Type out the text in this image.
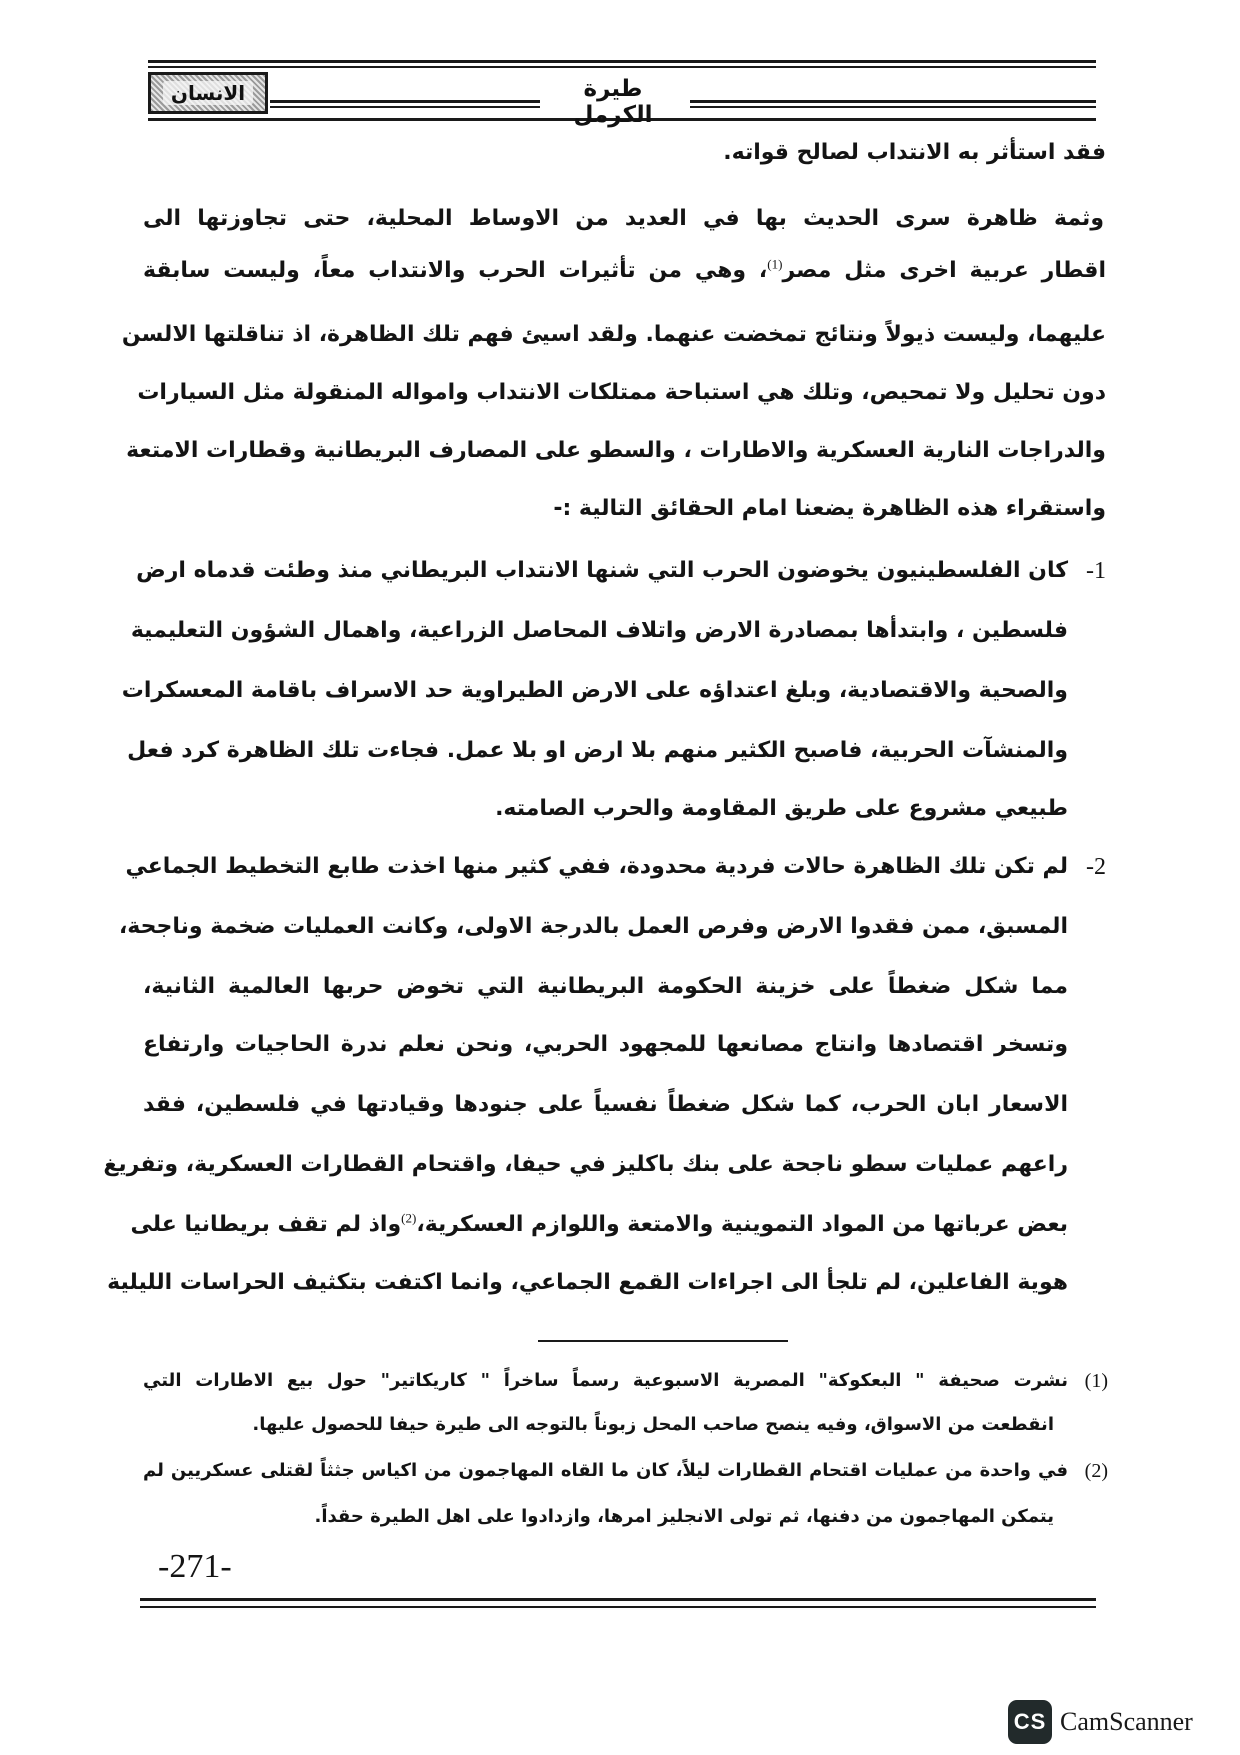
الانسان	طيرة الكرمل
فقد استأثر به الانتداب لصالح قواته.
وثمة ظاهرة سرى الحديث بها في العديد من الاوساط المحلية، حتى تجاوزتها الى
اقطار عربية اخرى مثل مصر$^{(1)}$، وهي من تأثيرات الحرب والانتداب معاً، وليست سابقة
عليهما، وليست ذيولاً ونتائج تمخضت عنهما. ولقد اسيئ فهم تلك الظاهرة، اذ تناقلتها الالسن
دون تحليل ولا تمحيص، وتلك هي استباحة ممتلكات الانتداب وامواله المنقولة مثل السيارات
والدراجات النارية العسكرية والاطارات ، والسطو على المصارف البريطانية وقطارات الامتعة
واستقراء هذه الظاهرة يضعنا امام الحقائق التالية :-
-1
كان الفلسطينيون يخوضون الحرب التي شنها الانتداب البريطاني منذ وطئت قدماه ارض
فلسطين ، وابتدأها بمصادرة الارض واتلاف المحاصل الزراعية، واهمال الشؤون التعليمية
والصحية والاقتصادية، وبلغ اعتداؤه على الارض الطيراوية حد الاسراف باقامة المعسكرات
والمنشآت الحربية، فاصبح الكثير منهم بلا ارض او بلا عمل. فجاءت تلك الظاهرة كرد فعل
طبيعي مشروع على طريق المقاومة والحرب الصامته.
-2
لم تكن تلك الظاهرة حالات فردية محدودة، ففي كثير منها اخذت طابع التخطيط الجماعي
المسبق، ممن فقدوا الارض وفرص العمل بالدرجة الاولى، وكانت العمليات ضخمة وناجحة،
مما شكل ضغطاً على خزينة الحكومة البريطانية التي تخوض حربها العالمية الثانية،
وتسخر اقتصادها وانتاج مصانعها للمجهود الحربي، ونحن نعلم ندرة الحاجيات وارتفاع
الاسعار ابان الحرب، كما شكل ضغطاً نفسياً على جنودها وقيادتها في فلسطين، فقد
راعهم عمليات سطو ناجحة على بنك باكليز في حيفا، واقتحام القطارات العسكرية، وتفريغ
بعض عرباتها من المواد التموينية والامتعة واللوازم العسكرية،$^{(2)}$واذ لم تقف بريطانيا على
هوية الفاعلين، لم تلجأ الى اجراءات القمع الجماعي، وانما اكتفت بتكثيف الحراسات الليلية
(1)
نشرت صحيفة " البعكوكة" المصرية الاسبوعية رسماً ساخراً " كاريكاتير" حول بيع الاطارات التي
انقطعت من الاسواق، وفيه ينصح صاحب المحل زبوناً بالتوجه الى طيرة حيفا للحصول عليها.
(2)
في واحدة من عمليات اقتحام القطارات ليلاً، كان ما القاه المهاجمون من اكياس جثثاً لقتلى عسكريين لم
يتمكن المهاجمون من دفنها، ثم تولى الانجليز امرها، وازدادوا على اهل الطيرة حقداً.
-271-
CS CamScanner
